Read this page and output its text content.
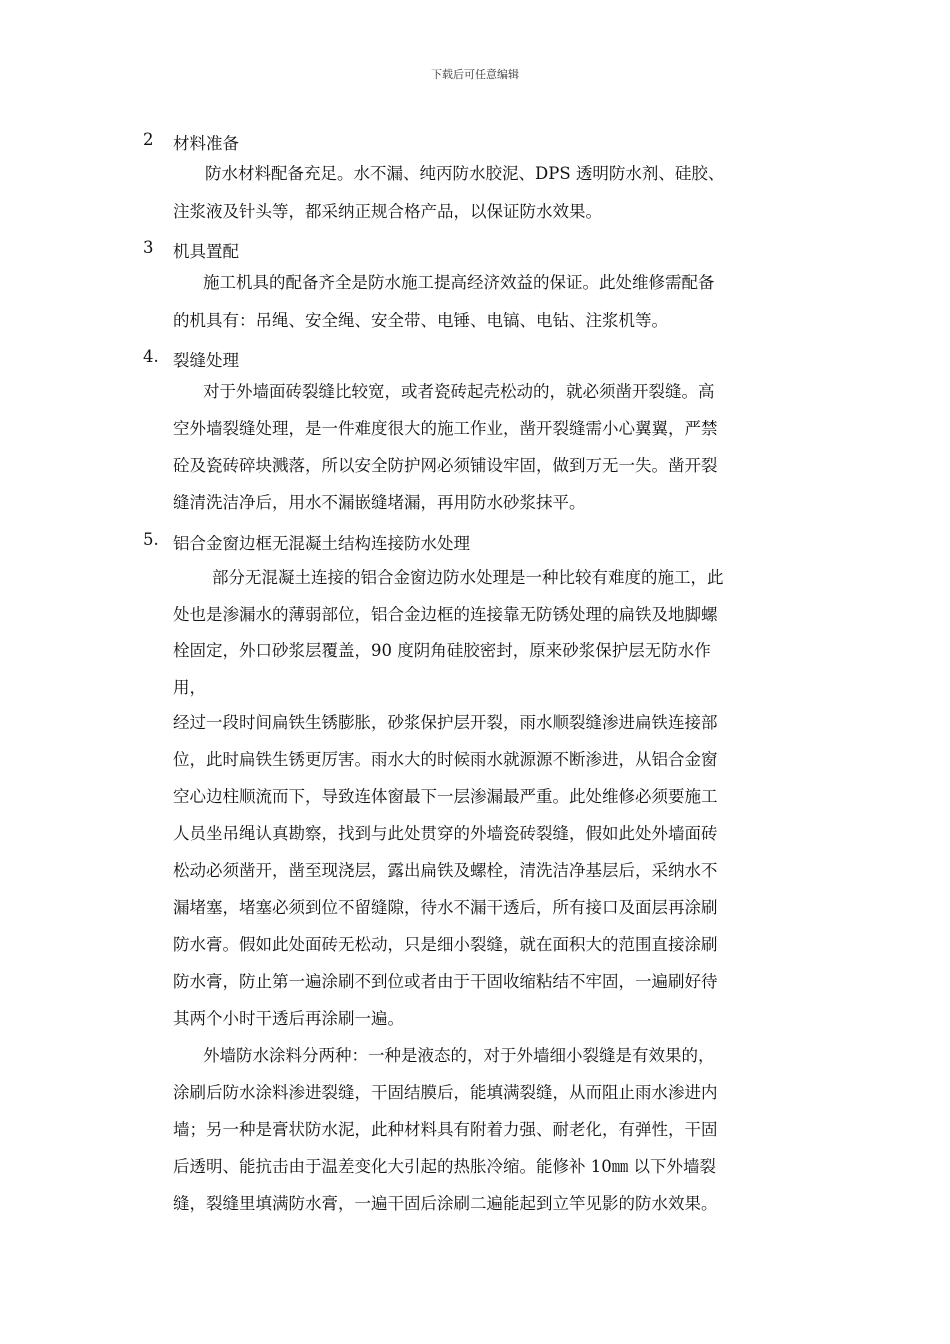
下载后可任意编辑
2 材料准备
防水材料配备充足。水不漏、纯丙防水胶泥、DPS 透明防水剂、硅胶、
注浆液及针头等，都采纳正规合格产品，以保证防水效果。
3 机具置配
施工机具的配备齐全是防水施工提高经济效益的保证。此处维修需配备
的机具有：吊绳、安全绳、安全带、电锤、电镐、电钻、注浆机等。
4. 裂缝处理
对于外墙面砖裂缝比较宽，或者瓷砖起壳松动的，就必须凿开裂缝。高
空外墙裂缝处理，是一件难度很大的施工作业，凿开裂缝需小心翼翼，严禁
砼及瓷砖碎块溅落，所以安全防护网必须铺设牢固，做到万无一失。凿开裂
缝清洗洁净后，用水不漏嵌缝堵漏，再用防水砂浆抹平。
5. 铝合金窗边框无混凝土结构连接防水处理
部分无混凝土连接的铝合金窗边防水处理是一种比较有难度的施工，此
处也是渗漏水的薄弱部位，铝合金边框的连接靠无防锈处理的扁铁及地脚螺
栓固定，外口砂浆层覆盖，90 度阴角硅胶密封，原来砂浆保护层无防水作
用，
经过一段时间扁铁生锈膨胀，砂浆保护层开裂，雨水顺裂缝渗进扁铁连接部
位，此时扁铁生锈更厉害。雨水大的时候雨水就源源不断渗进，从铝合金窗
空心边柱顺流而下，导致连体窗最下一层渗漏最严重。此处维修必须要施工
人员坐吊绳认真勘察，找到与此处贯穿的外墙瓷砖裂缝，假如此处外墙面砖
松动必须凿开，凿至现浇层，露出扁铁及螺栓，清洗洁净基层后，采纳水不
漏堵塞，堵塞必须到位不留缝隙，待水不漏干透后，所有接口及面层再涂刷
防水膏。假如此处面砖无松动，只是细小裂缝，就在面积大的范围直接涂刷
防水膏，防止第一遍涂刷不到位或者由于干固收缩粘结不牢固，一遍刷好待
其两个小时干透后再涂刷一遍。
外墙防水涂料分两种：一种是液态的，对于外墙细小裂缝是有效果的，
涂刷后防水涂料渗进裂缝，干固结膜后，能填满裂缝，从而阻止雨水渗进内
墙；另一种是膏状防水泥，此种材料具有附着力强、耐老化，有弹性，干固
后透明、能抗击由于温差变化大引起的热胀冷缩。能修补 10㎜ 以下外墙裂
缝，裂缝里填满防水膏，一遍干固后涂刷二遍能起到立竿见影的防水效果。
